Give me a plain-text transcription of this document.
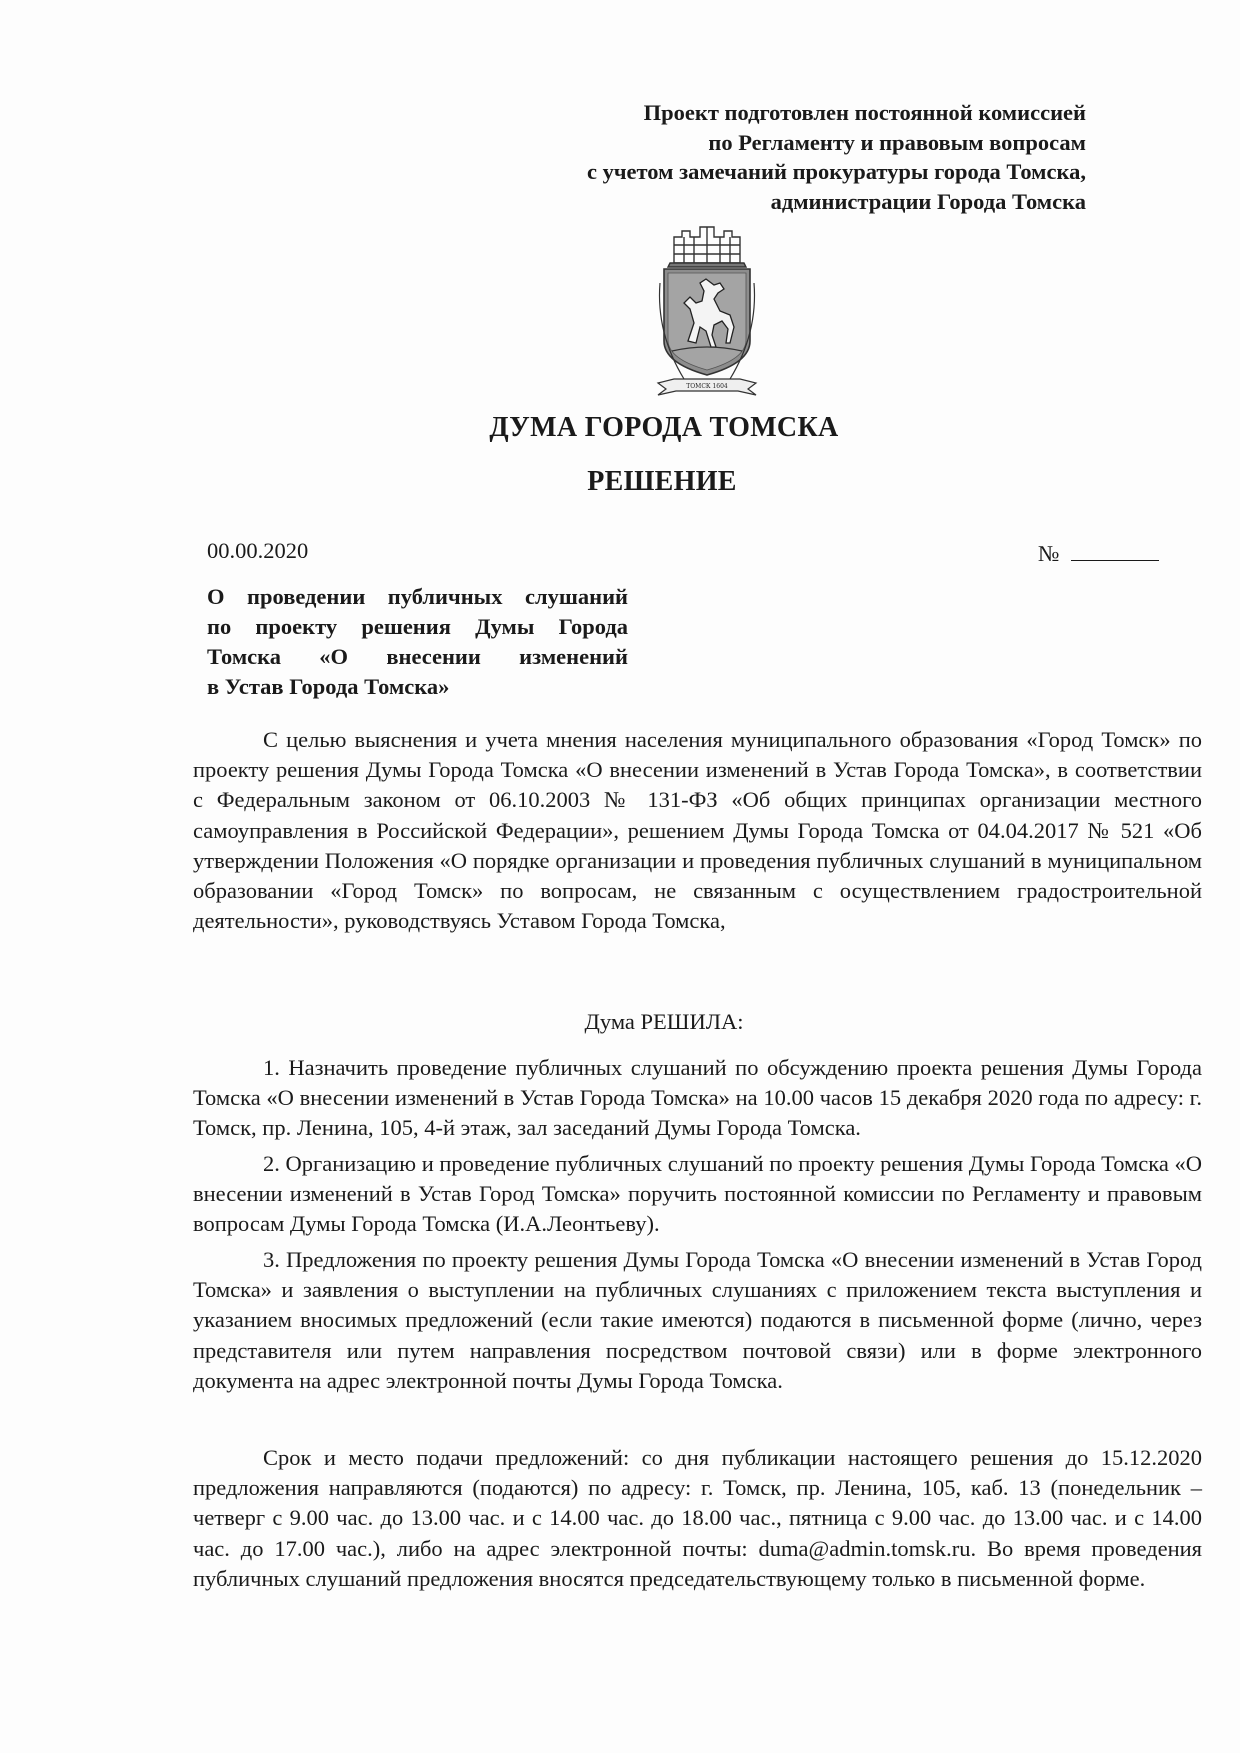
Проект подготовлен постоянной комиссией
по Регламенту и правовым вопросам
с учетом замечаний прокуратуры города Томска,
администрации Города Томска
ТОМСК 1604
ДУМА ГОРОДА ТОМСКА
РЕШЕНИЕ
00.00.2020	№
О проведении публичных слушаний
по проекту решения Думы Города
Томска «О внесении изменений
в Устав Города Томска»

С целью выяснения и учета мнения населения муниципального образования «Город Томск» по проекту решения Думы Города Томска «О внесении изменений в Устав Города Томска», в соответствии с Федеральным законом от 06.10.2003 № 131-ФЗ «Об общих принципах организации местного самоуправления в Российской Федерации», решением Думы Города Томска от 04.04.2017 № 521 «Об утверждении Положения «О порядке организации и проведения публичных слушаний в муниципальном образовании «Город Томск» по вопросам, не связанным с осуществлением градостроительной деятельности», руководствуясь Уставом Города Томска,

Дума РЕШИЛА:

1. Назначить проведение публичных слушаний по обсуждению проекта решения Думы Города Томска «О внесении изменений в Устав Города Томска» на 10.00 часов 15 декабря 2020 года по адресу: г. Томск, пр. Ленина, 105, 4-й этаж, зал заседаний Думы Города Томска.

2. Организацию и проведение публичных слушаний по проекту решения Думы Города Томска «О внесении изменений в Устав Город Томска» поручить постоянной комиссии по Регламенту и правовым вопросам Думы Города Томска (И.А.Леонтьеву).

3. Предложения по проекту решения Думы Города Томска «О внесении изменений в Устав Город Томска» и заявления о выступлении на публичных слушаниях с приложением текста выступления и указанием вносимых предложений (если такие имеются) подаются в письменной форме (лично, через представителя или путем направления посредством почтовой связи) или в форме электронного документа на адрес электронной почты Думы Города Томска.

Срок и место подачи предложений: со дня публикации настоящего решения до 15.12.2020 предложения направляются (подаются) по адресу: г. Томск, пр. Ленина, 105, каб. 13 (понедельник – четверг с 9.00 час. до 13.00 час. и с 14.00 час. до 18.00 час., пятница с 9.00 час. до 13.00 час. и с 14.00 час. до 17.00 час.), либо на адрес электронной почты: duma@admin.tomsk.ru. Во время проведения публичных слушаний предложения вносятся председательствующему только в письменной форме.
